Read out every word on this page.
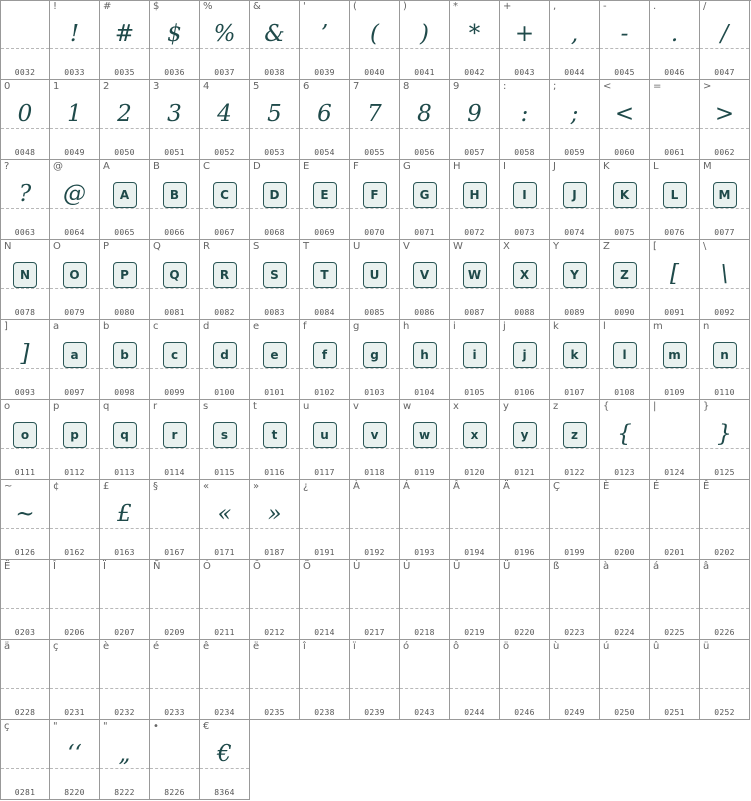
0032
!
!
0033
#
#
0035
$
$
0036
%
%
0037
&
&
0038
'
’
0039
(
(
0040
)
)
0041
*
*
0042
+
+
0043
,
,
0044
-
-
0045
.
.
0046
/
/
0047
0
0
0048
1
1
0049
2
2
0050
3
3
0051
4
4
0052
5
5
0053
6
6
0054
7
7
0055
8
8
0056
9
9
0057
:
:
0058
;
;
0059
<
<
0060
=
0061
>
>
0062
?
?
0063
@
@
0064
A
A
0065
B
B
0066
C
C
0067
D
D
0068
E
E
0069
F
F
0070
G
G
0071
H
H
0072
I
I
0073
J
J
0074
K
K
0075
L
L
0076
M
M
0077
N
N
0078
O
O
0079
P
P
0080
Q
Q
0081
R
R
0082
S
S
0083
T
T
0084
U
U
0085
V
V
0086
W
W
0087
X
X
0088
Y
Y
0089
Z
Z
0090
[
[
0091
\
\
0092
]
]
0093
a
a
0097
b
b
0098
c
c
0099
d
d
0100
e
e
0101
f
f
0102
g
g
0103
h
h
0104
i
i
0105
j
j
0106
k
k
0107
l
l
0108
m
m
0109
n
n
0110
o
o
0111
p
p
0112
q
q
0113
r
r
0114
s
s
0115
t
t
0116
u
u
0117
v
v
0118
w
w
0119
x
x
0120
y
y
0121
z
z
0122
{
{
0123
|
0124
}
}
0125
~
~
0126
¢
0162
£
£
0163
§
0167
«
«
0171
»
»
0187
¿
0191
À
0192
Á
0193
Â
0194
Ä
0196
Ç
0199
È
0200
É
0201
Ê
0202
Ë
0203
Î
0206
Ï
0207
Ñ
0209
Ó
0211
Ô
0212
Ö
0214
Ù
0217
Ú
0218
Û
0219
Ü
0220
ß
0223
à
0224
á
0225
â
0226
ä
0228
ç
0231
è
0232
é
0233
ê
0234
ë
0235
î
0238
ï
0239
ó
0243
ô
0244
ö
0246
ù
0249
ú
0250
û
0251
ü
0252
ç
0281
"
‘‘
8220
"
„
8222
•
8226
€
€
8364
